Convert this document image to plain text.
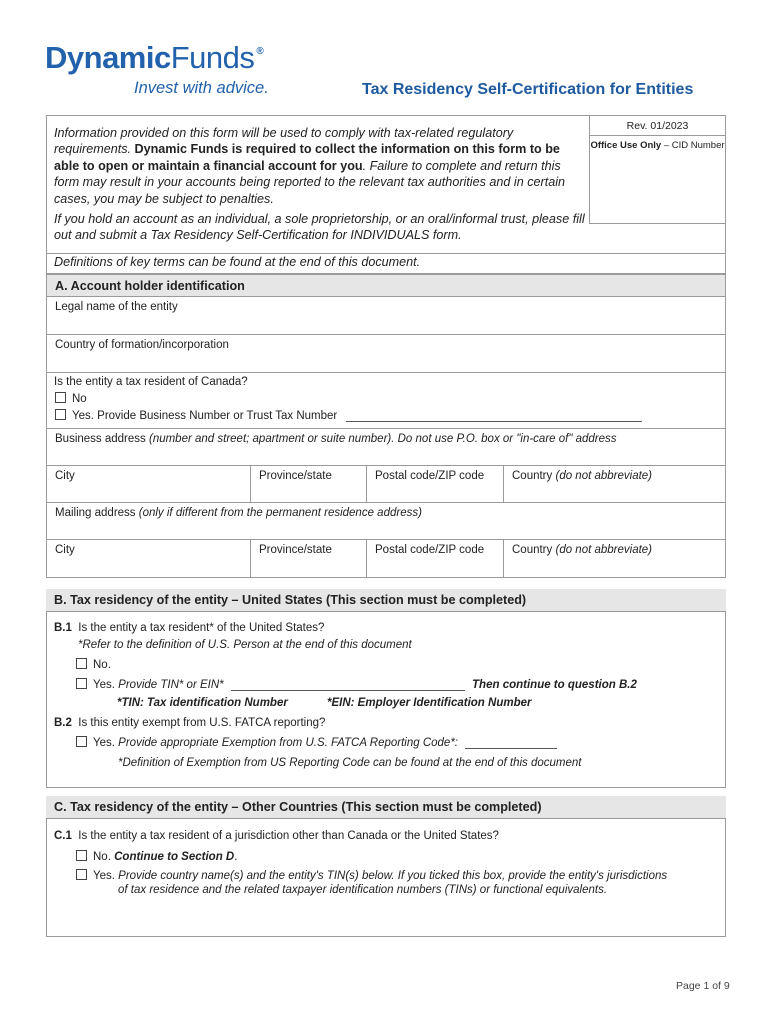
DynamicFunds ®
Invest with advice.	Tax Residency Self-Certification for Entities
Information provided on this form will be used to comply with tax-related regulatory requirements. Dynamic Funds is required to collect the information on this form to be able to open or maintain a financial account for you. Failure to complete and return this form may result in your accounts being reported to the relevant tax authorities and in certain cases, you may be subject to penalties.
If you hold an account as an individual, a sole proprietorship, or an oral/informal trust, please fill out and submit a Tax Residency Self-Certification for INDIVIDUALS form.
Rev. 01/2023
Office Use Only – CID Number
Definitions of key terms can be found at the end of this document.
A. Account holder identification
Legal name of the entity
Country of formation/incorporation
Is the entity a tax resident of Canada?
No
Yes. Provide Business Number or Trust Tax Number
Business address (number and street; apartment or suite number). Do not use P.O. box or "in-care of" address
City	Province/state	Postal code/ZIP code	Country (do not abbreviate)
Mailing address (only if different from the permanent residence address)
City	Province/state	Postal code/ZIP code	Country (do not abbreviate)
B. Tax residency of the entity – United States (This section must be completed)
B.1 Is the entity a tax resident* of the United States?
*Refer to the definition of U.S. Person at the end of this document
No.
Yes. Provide TIN* or EIN*	Then continue to question B.2
*TIN: Tax identification Number	*EIN: Employer Identification Number
B.2 Is this entity exempt from U.S. FATCA reporting?
Yes. Provide appropriate Exemption from U.S. FATCA Reporting Code*:
*Definition of Exemption from US Reporting Code can be found at the end of this document
C. Tax residency of the entity – Other Countries (This section must be completed)
C.1 Is the entity a tax resident of a jurisdiction other than Canada or the United States?
No. Continue to Section D.
Yes. Provide country name(s) and the entity's TIN(s) below. If you ticked this box, provide the entity's jurisdictions
of tax residence and the related taxpayer identification numbers (TINs) or functional equivalents.
Page 1 of 9
